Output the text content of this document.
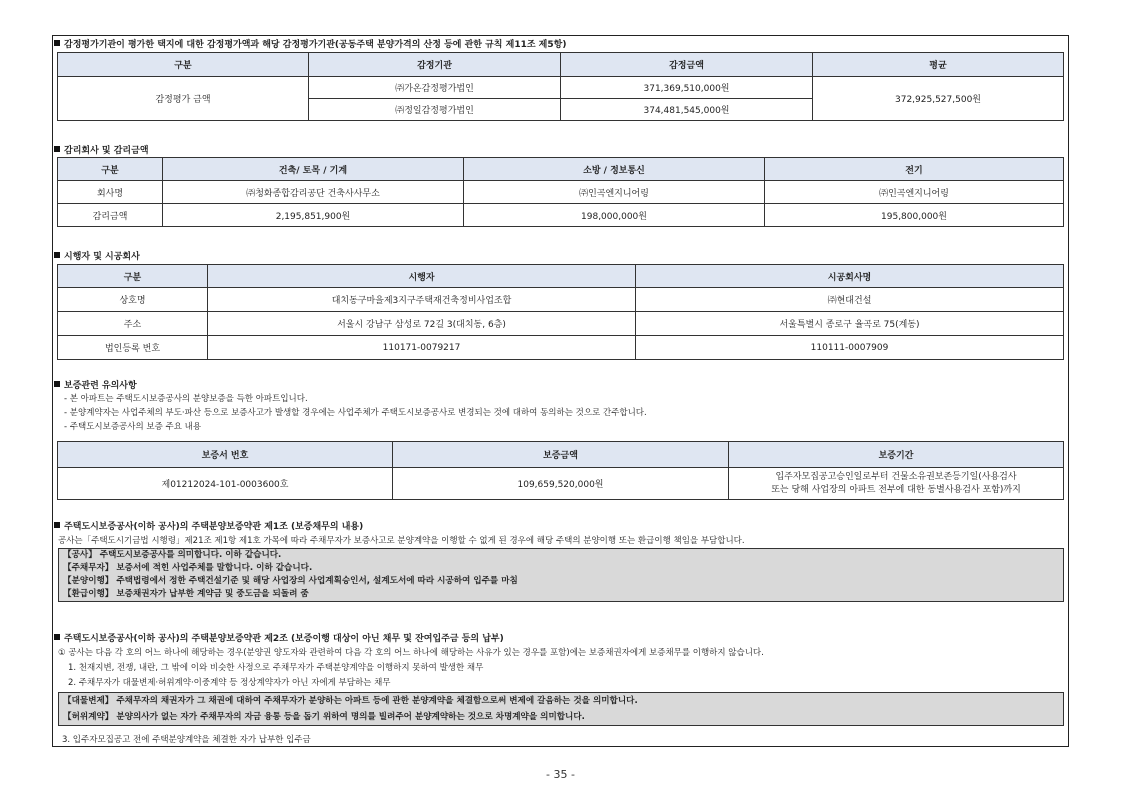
감정평가기관이 평가한 택지에 대한 감정평가액과 해당 감정평가기관(공동주택 분양가격의 산정 등에 관한 규칙 제11조 제5항)
구분	감정기관	감정금액	평균
감정평가 금액	㈜가온감정평가법인	371,369,510,000원	372,925,527,500원
	㈜정일감정평가법인	374,481,545,000원	
감리회사 및 감리금액
구분	건축/ 토목 / 기계	소방 / 정보통신	전기
회사명	㈜청화종합감리공단 건축사사무소	㈜인곡엔지니어링	㈜인곡엔지니어링
감리금액	2,195,851,900원	198,000,000원	195,800,000원
시행자 및 시공회사
구분	시행자	시공회사명
상호명	대치동구마을제3지구주택재건축정비사업조합	㈜현대건설
주소	서울시 강남구 삼성로 72길 3(대치동, 6층)	서울특별시 종로구 율곡로 75(계동)
법인등록 번호	110171-0079217	110111-0007909
보증관련 유의사항
- 본 아파트는 주택도시보증공사의 분양보증을 득한 아파트입니다.
- 분양계약자는 사업주체의 부도·파산 등으로 보증사고가 발생할 경우에는 사업주체가 주택도시보증공사로 변경되는 것에 대하여 동의하는 것으로 간주합니다.
- 주택도시보증공사의 보증 주요 내용
보증서 번호	보증금액	보증기간
제01212024-101-0003600호	109,659,520,000원	입주자모집공고승인일로부터 건물소유권보존등기일(사용검사
또는 당해 사업장의 아파트 전부에 대한 동별사용검사 포함)까지
주택도시보증공사(이하 공사)의 주택분양보증약관 제1조 (보증채무의 내용)
공사는「주택도시기금법 시행령」제21조 제1항 제1호 가목에 따라 주채무자가 보증사고로 분양계약을 이행할 수 없게 된 경우에 해당 주택의 분양이행 또는 환급이행 책임을 부담합니다.
【공사】 주택도시보증공사를 의미합니다. 이하 같습니다.
【주채무자】 보증서에 적힌 사업주체를 말합니다. 이하 같습니다.
【분양이행】 주택법령에서 정한 주택건설기준 및 해당 사업장의 사업계획승인서, 설계도서에 따라 시공하여 입주를 마침
【환급이행】 보증채권자가 납부한 계약금 및 중도금을 되돌려 줌
주택도시보증공사(이하 공사)의 주택분양보증약관 제2조 (보증이행 대상이 아닌 채무 및 잔여입주금 등의 납부)
① 공사는 다음 각 호의 어느 하나에 해당하는 경우(분양권 양도자와 관련하여 다음 각 호의 어느 하나에 해당하는 사유가 있는 경우를 포함)에는 보증채권자에게 보증채무를 이행하지 않습니다.
1. 천재지변, 전쟁, 내란, 그 밖에 이와 비슷한 사정으로 주채무자가 주택분양계약을 이행하지 못하여 발생한 채무
2. 주채무자가 대물변제·허위계약·이중계약 등 정상계약자가 아닌 자에게 부담하는 채무
【대물변제】 주채무자의 채권자가 그 채권에 대하여 주채무자가 분양하는 아파트 등에 관한 분양계약을 체결함으로써 변제에 갈음하는 것을 의미합니다.
【허위계약】 분양의사가 없는 자가 주채무자의 자금 융통 등을 돕기 위하여 명의를 빌려주어 분양계약하는 것으로 차명계약을 의미합니다.
3. 입주자모집공고 전에 주택분양계약을 체결한 자가 납부한 입주금
- 35 -
